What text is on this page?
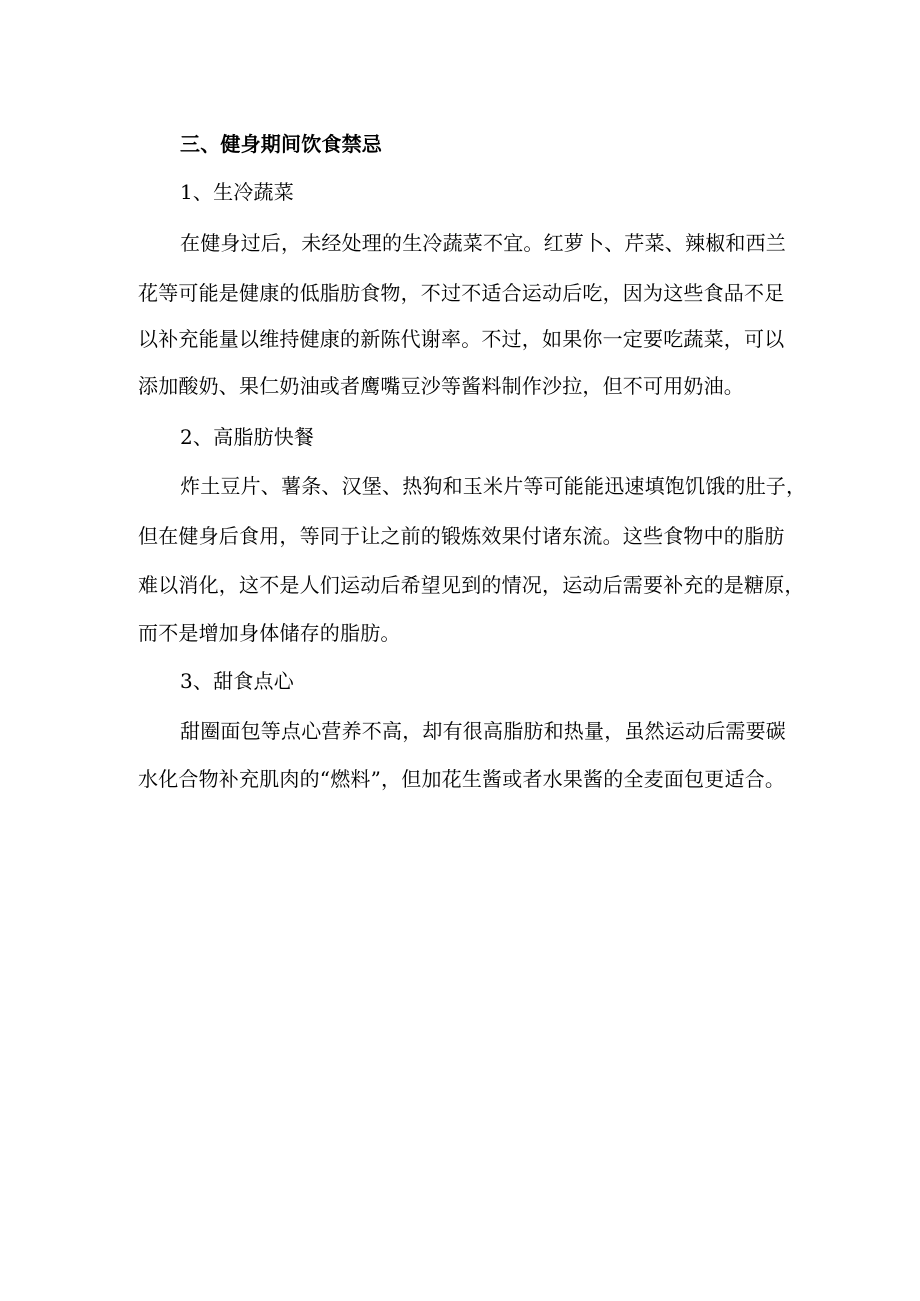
三、健身期间饮食禁忌

1、生冷蔬菜

在健身过后，未经处理的生冷蔬菜不宜。红萝卜、芹菜、辣椒和西兰

花等可能是健康的低脂肪食物，不过不适合运动后吃，因为这些食品不足

以补充能量以维持健康的新陈代谢率。不过，如果你一定要吃蔬菜，可以

添加酸奶、果仁奶油或者鹰嘴豆沙等酱料制作沙拉，但不可用奶油。

2、高脂肪快餐

炸土豆片、薯条、汉堡、热狗和玉米片等可能能迅速填饱饥饿的肚子，

但在健身后食用，等同于让之前的锻炼效果付诸东流。这些食物中的脂肪

难以消化，这不是人们运动后希望见到的情况，运动后需要补充的是糖原，

而不是增加身体储存的脂肪。

3、甜食点心

甜圈面包等点心营养不高，却有很高脂肪和热量，虽然运动后需要碳

水化合物补充肌肉的“燃料”，但加花生酱或者水果酱的全麦面包更适合。
